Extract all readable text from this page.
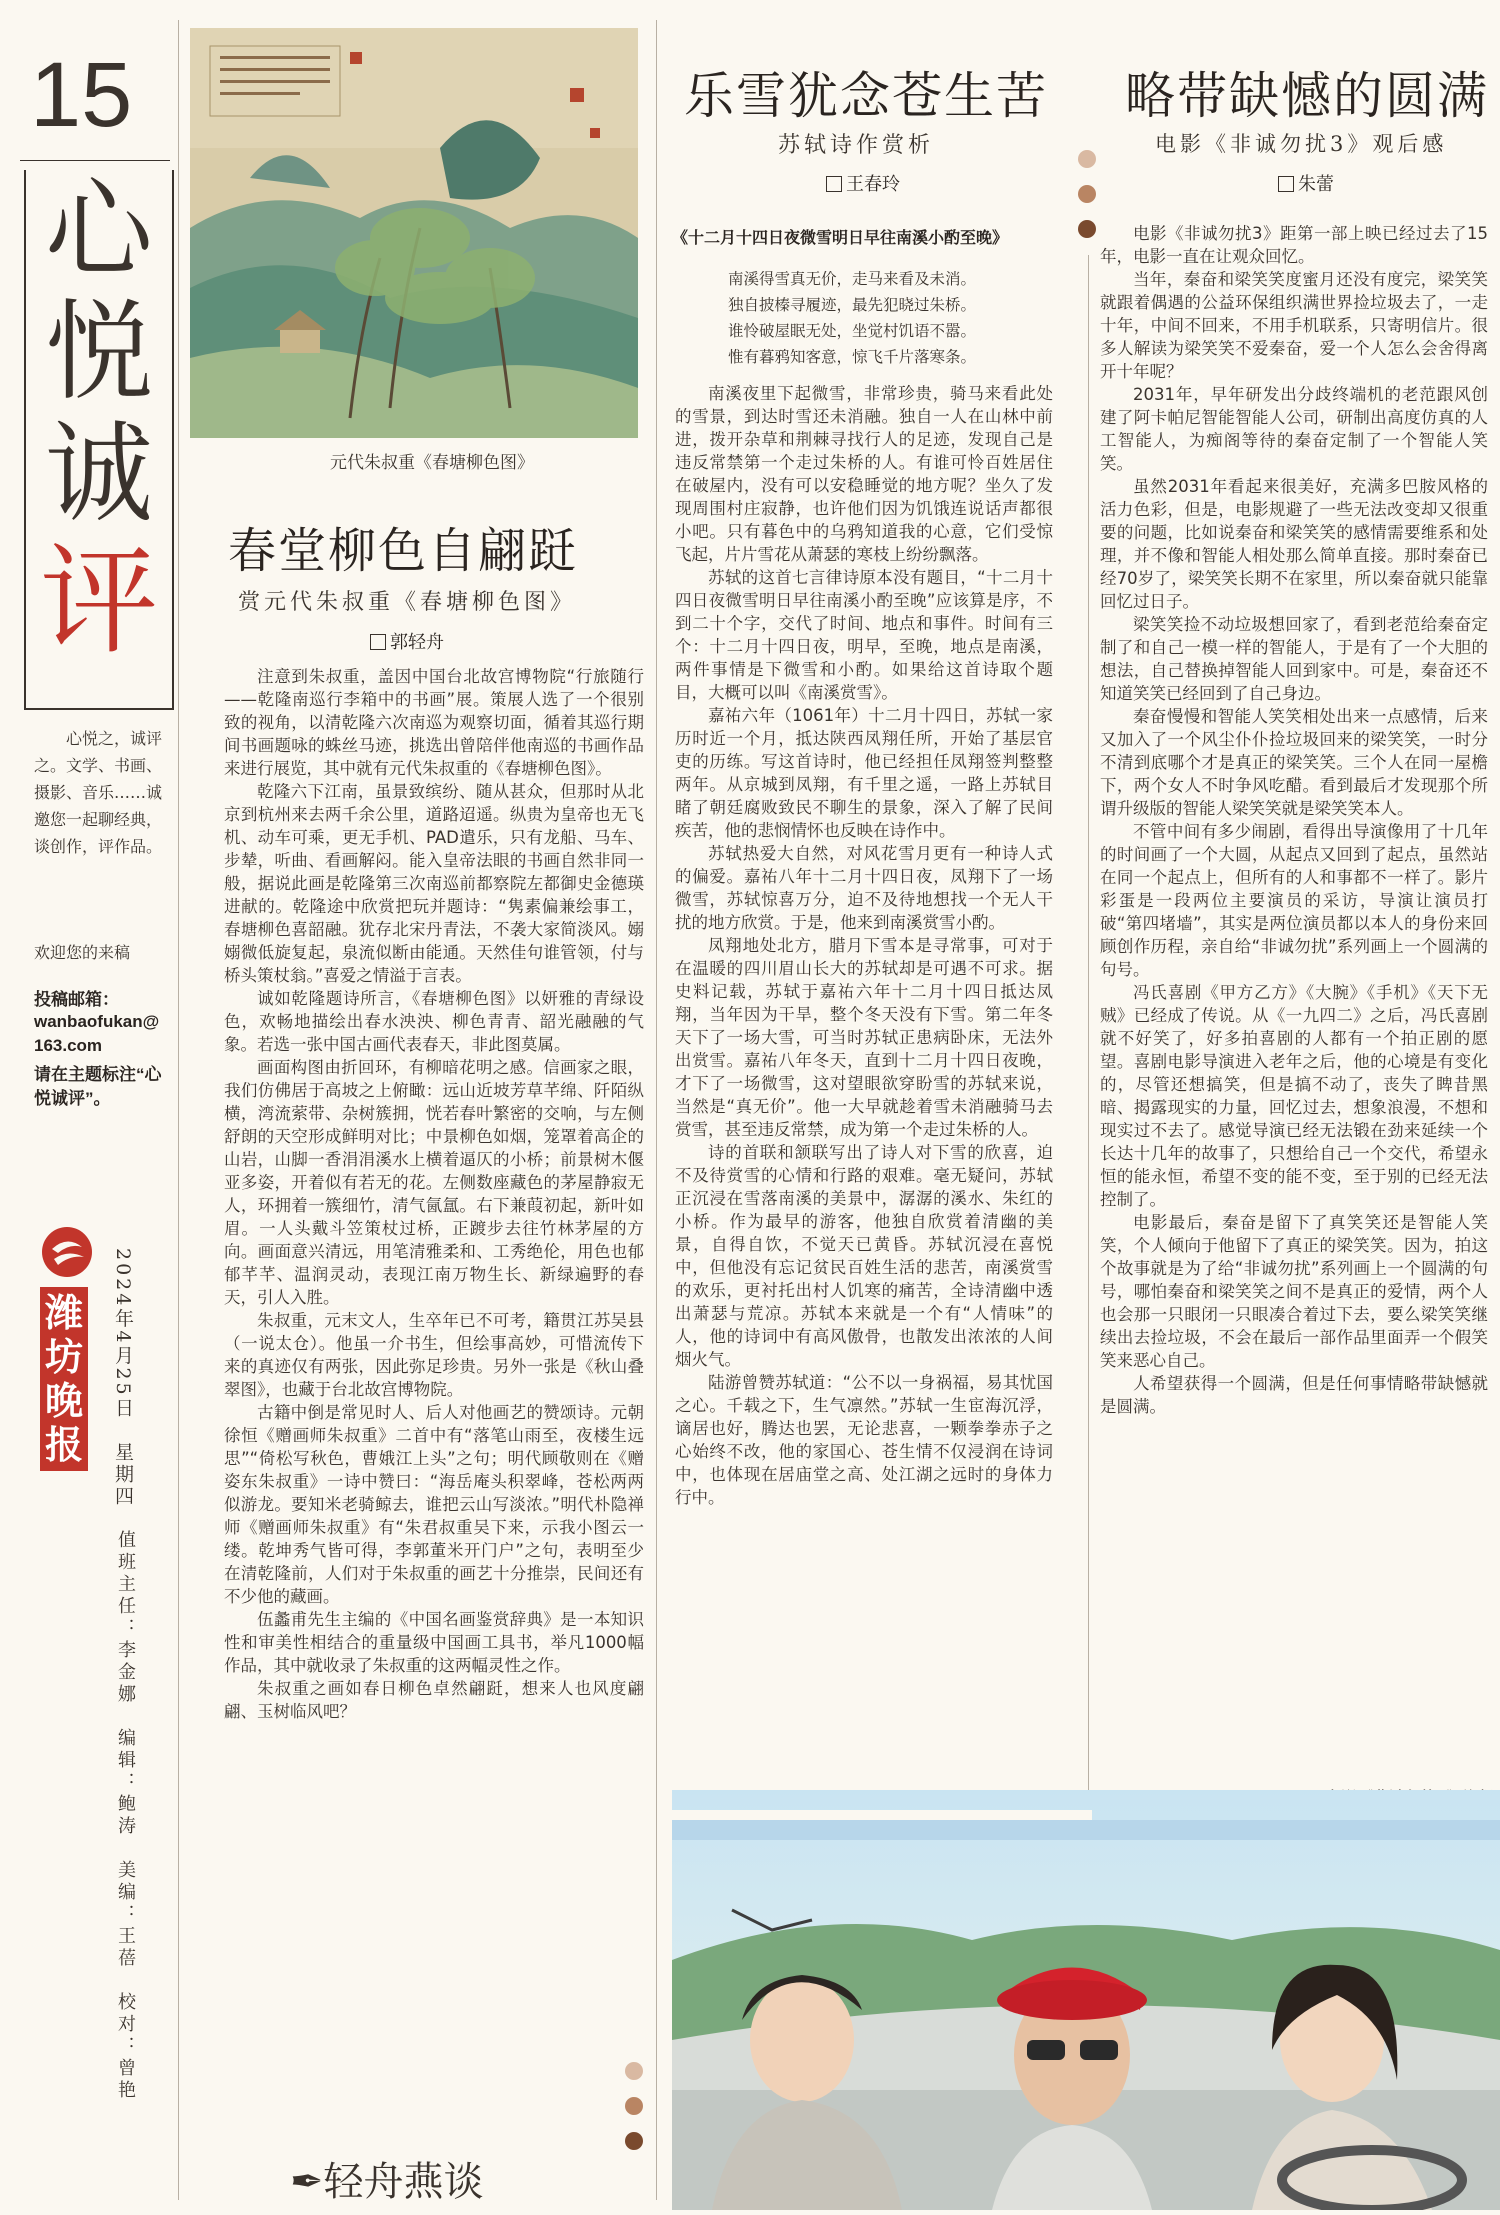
15
心
悦
诚
评
心悦之，诚评之。文学、书画、摄影、音乐……诚邀您一起聊经典，谈创作，评作品。
欢迎您的来稿
投稿邮箱：
wanbaofukan@163.com
请在主题标注“心悦诚评”。
潍坊晚报 2024年4月25日　星期四
值班主任：李金娜　编辑：鲍涛　美编：王蓓　校对：曾艳
元代朱叔重《春塘柳色图》
春堂柳色自翩跹
赏元代朱叔重《春塘柳色图》
郭轻舟

注意到朱叔重，盖因中国台北故宫博物院“行旅随行——乾隆南巡行李箱中的书画”展。策展人选了一个很别致的视角，以清乾隆六次南巡为观察切面，循着其巡行期间书画题咏的蛛丝马迹，挑选出曾陪伴他南巡的书画作品来进行展览，其中就有元代朱叔重的《春塘柳色图》。

乾隆六下江南，虽景致缤纷、随从甚众，但那时从北京到杭州来去两千余公里，道路迢遥。纵贵为皇帝也无飞机、动车可乘，更无手机、PAD遣乐，只有龙船、马车、步辇，听曲、看画解闷。能入皇帝法眼的书画自然非同一般，据说此画是乾隆第三次南巡前都察院左都御史金德瑛进献的。乾隆途中欣赏把玩并题诗：“隽素偏兼绘事工，春塘柳色喜韶融。犹存北宋丹青法，不袭大家简淡风。嫋嫋微低旋复起，泉流似断由能通。天然佳句谁管领，付与桥头策杖翁。”喜爱之情溢于言表。

诚如乾隆题诗所言，《春塘柳色图》以妍雅的青绿设色，欢畅地描绘出春水泱泱、柳色青青、韶光融融的气象。若选一张中国古画代表春天，非此图莫属。

画面构图由折回环，有柳暗花明之感。信画家之眼，我们仿佛居于高坡之上俯瞰：远山近坡芳草芊绵、阡陌纵横，湾流萦带、杂树簇拥，恍若春叶繁密的交响，与左侧舒朗的天空形成鲜明对比；中景柳色如烟，笼罩着高企的山岩，山脚一香涓涓溪水上横着逼仄的小桥；前景树木偃亚多姿，开着似有若无的花。左侧数座藏色的茅屋静寂无人，环拥着一簇细竹，清气氤氲。右下兼葭初起，新叶如眉。一人头戴斗笠策杖过桥，正踱步去往竹林茅屋的方向。画面意兴清远，用笔清雅柔和、工秀绝伦，用色也郁郁芊芊、温润灵动，表现江南万物生长、新绿遍野的春天，引人入胜。

朱叔重，元末文人，生卒年已不可考，籍贯江苏吴县（一说太仓）。他虽一介书生，但绘事高妙，可惜流传下来的真迹仅有两张，因此弥足珍贵。另外一张是《秋山叠翠图》，也藏于台北故宫博物院。

古籍中倒是常见时人、后人对他画艺的赞颂诗。元朝徐恒《赠画师朱叔重》二首中有“落笔山雨至，夜楼生远思”“倚松写秋色，曹娥江上头”之句；明代顾敬则在《赠姿东朱叔重》一诗中赞曰：“海岳庵头积翠峰，苍松两两似游龙。要知米老骑鲸去，谁把云山写淡浓。”明代朴隐禅师《赠画师朱叔重》有“朱君叔重吴下来，示我小图云一缕。乾坤秀气皆可得，李郭董米开门户”之句，表明至少在清乾隆前，人们对于朱叔重的画艺十分推崇，民间还有不少他的藏画。

伍蠡甫先生主编的《中国名画鉴赏辞典》是一本知识性和审美性相结合的重量级中国画工具书，举凡1000幅作品，其中就收录了朱叔重的这两幅灵性之作。

朱叔重之画如春日柳色卓然翩跹，想来人也风度翩翩、玉树临风吧？

✒轻舟燕谈
乐雪犹念苍生苦
苏轼诗作赏析
王春玲
《十二月十四日夜微雪明日早往南溪小酌至晚》
南溪得雪真无价，走马来看及未消。
独自披榛寻履迹，最先犯晓过朱桥。
谁怜破屋眠无处，坐觉村饥语不嚣。
惟有暮鸦知客意，惊飞千片落寒条。

南溪夜里下起微雪，非常珍贵，骑马来看此处的雪景，到达时雪还未消融。独自一人在山林中前进，拨开杂草和荆棘寻找行人的足迹，发现自己是违反常禁第一个走过朱桥的人。有谁可怜百姓居住在破屋内，没有可以安稳睡觉的地方呢？坐久了发现周围村庄寂静，也许他们因为饥饿连说话声都很小吧。只有暮色中的乌鸦知道我的心意，它们受惊飞起，片片雪花从萧瑟的寒枝上纷纷飘落。

苏轼的这首七言律诗原本没有题目，“十二月十四日夜微雪明日早往南溪小酌至晚”应该算是序，不到二十个字，交代了时间、地点和事件。时间有三个：十二月十四日夜，明早，至晚，地点是南溪，两件事情是下微雪和小酌。如果给这首诗取个题目，大概可以叫《南溪赏雪》。

嘉祐六年（1061年）十二月十四日，苏轼一家历时近一个月，抵达陕西凤翔任所，开始了基层官吏的历练。写这首诗时，他已经担任凤翔签判整整两年。从京城到凤翔，有千里之遥，一路上苏轼目睹了朝廷腐败致民不聊生的景象，深入了解了民间疾苦，他的悲悯情怀也反映在诗作中。

苏轼热爱大自然，对风花雪月更有一种诗人式的偏爱。嘉祐八年十二月十四日夜，凤翔下了一场微雪，苏轼惊喜万分，迫不及待地想找一个无人干扰的地方欣赏。于是，他来到南溪赏雪小酌。

凤翔地处北方，腊月下雪本是寻常事，可对于在温暖的四川眉山长大的苏轼却是可遇不可求。据史料记载，苏轼于嘉祐六年十二月十四日抵达凤翔，当年因为干旱，整个冬天没有下雪。第二年冬天下了一场大雪，可当时苏轼正患病卧床，无法外出赏雪。嘉祐八年冬天，直到十二月十四日夜晚，才下了一场微雪，这对望眼欲穿盼雪的苏轼来说，当然是“真无价”。他一大早就趁着雪未消融骑马去赏雪，甚至违反常禁，成为第一个走过朱桥的人。

诗的首联和颔联写出了诗人对下雪的欣喜，迫不及待赏雪的心情和行路的艰难。毫无疑问，苏轼正沉浸在雪落南溪的美景中，潺潺的溪水、朱红的小桥。作为最早的游客，他独自欣赏着清幽的美景，自得自饮，不觉天已黄昏。苏轼沉浸在喜悦中，但他没有忘记贫民百姓生活的悲苦，南溪赏雪的欢乐，更衬托出村人饥寒的痛苦，全诗清幽中透出萧瑟与荒凉。苏轼本来就是一个有“人情味”的人，他的诗词中有高风傲骨，也散发出浓浓的人间烟火气。

陆游曾赞苏轼道：“公不以一身祸福，易其忧国之心。千载之下，生气凛然。”苏轼一生宦海沉浮，谪居也好，腾达也罢，无论悲喜，一颗拳拳赤子之心始终不改，他的家国心、苍生情不仅浸润在诗词中，也体现在居庙堂之高、处江湖之远时的身体力行中。

略带缺憾的圆满
电影《非诚勿扰3》观后感
朱蕾

电影《非诚勿扰3》距第一部上映已经过去了15年，电影一直在让观众回忆。

当年，秦奋和梁笑笑度蜜月还没有度完，梁笑笑就跟着偶遇的公益环保组织满世界捡垃圾去了，一走十年，中间不回来，不用手机联系，只寄明信片。很多人解读为梁笑笑不爱秦奋，爱一个人怎么会舍得离开十年呢？

2031年，早年研发出分歧终端机的老范跟风创建了阿卡帕尼智能智能人公司，研制出高度仿真的人工智能人，为痴阁等待的秦奋定制了一个智能人笑笑。

虽然2031年看起来很美好，充满多巴胺风格的活力色彩，但是，电影规避了一些无法改变却又很重要的问题，比如说秦奋和梁笑笑的感情需要维系和处理，并不像和智能人相处那么简单直接。那时秦奋已经70岁了，梁笑笑长期不在家里，所以秦奋就只能靠回忆过日子。

梁笑笑捡不动垃圾想回家了，看到老范给秦奋定制了和自己一模一样的智能人，于是有了一个大胆的想法，自己替换掉智能人回到家中。可是，秦奋还不知道笑笑已经回到了自己身边。

秦奋慢慢和智能人笑笑相处出来一点感情，后来又加入了一个风尘仆仆捡垃圾回来的梁笑笑，一时分不清到底哪个才是真正的梁笑笑。三个人在同一屋檐下，两个女人不时争风吃醋。看到最后才发现那个所谓升级版的智能人梁笑笑就是梁笑笑本人。

不管中间有多少闹剧，看得出导演像用了十几年的时间画了一个大圆，从起点又回到了起点，虽然站在同一个起点上，但所有的人和事都不一样了。影片彩蛋是一段两位主要演员的采访，导演让演员打破“第四堵墙”，其实是两位演员都以本人的身份来回顾创作历程，亲自给“非诚勿扰”系列画上一个圆满的句号。

冯氏喜剧《甲方乙方》《大腕》《手机》《天下无贼》已经成了传说。从《一九四二》之后，冯氏喜剧就不好笑了，好多拍喜剧的人都有一个拍正剧的愿望。喜剧电影导演进入老年之后，他的心境是有变化的，尽管还想搞笑，但是搞不动了，丧失了睥昔黑暗、揭露现实的力量，回忆过去，想象浪漫，不想和现实过不去了。感觉导演已经无法锻在劲来延续一个长达十几年的故事了，只想给自己一个交代，希望永恒的能永恒，希望不变的能不变，至于别的已经无法控制了。

电影最后，秦奋是留下了真笑笑还是智能人笑笑，个人倾向于他留下了真正的梁笑笑。因为，拍这个故事就是为了给“非诚勿扰”系列画上一个圆满的句号，哪怕秦奋和梁笑笑之间不是真正的爱情，两个人也会那一只眼闭一只眼凑合着过下去，要么梁笑笑继续出去捡垃圾，不会在最后一部作品里面弄一个假笑笑来恶心自己。

人希望获得一个圆满，但是任何事情略带缺憾就是圆满。
